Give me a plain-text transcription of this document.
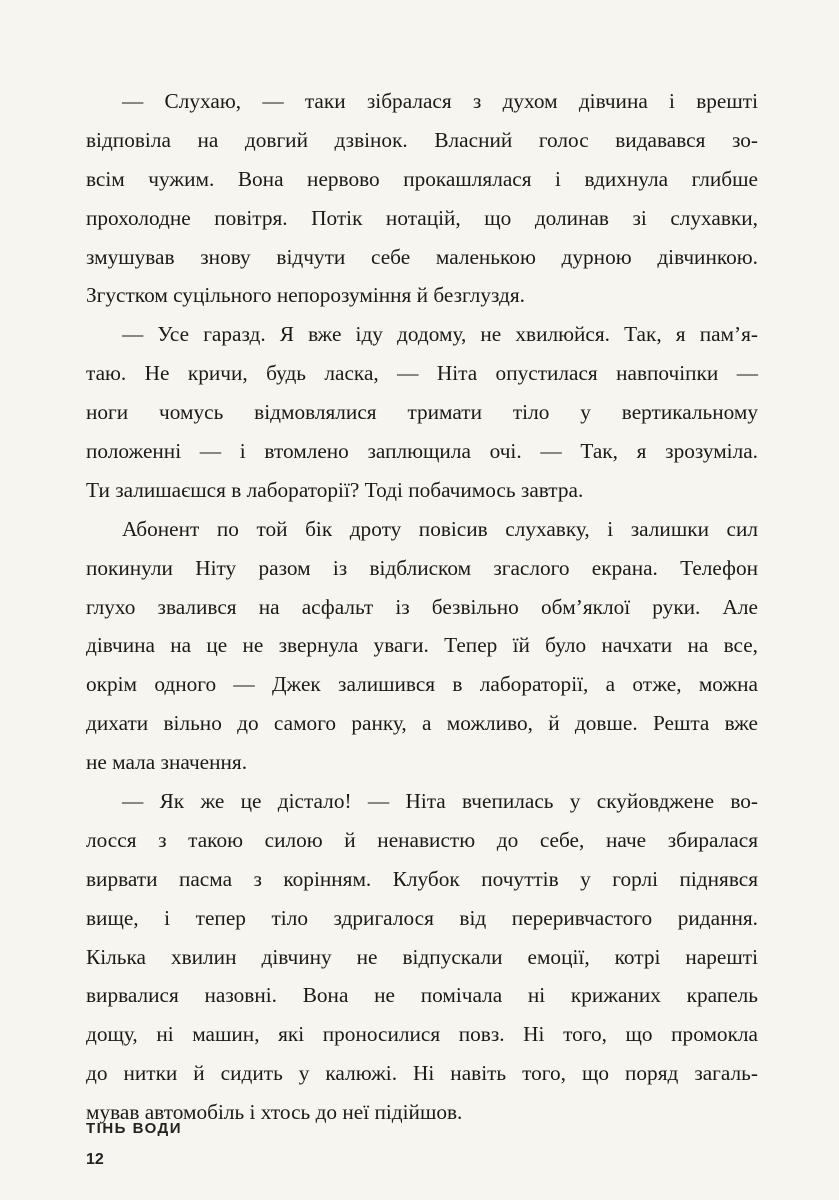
— Слухаю, — таки зібралася з духом дівчина і врешті
відповіла на довгий дзвінок. Власний голос видавався зо-
всім чужим. Вона нервово прокашлялася і вдихнула глибше
прохолодне повітря. Потік нотацій, що долинав зі слухавки,
змушував знову відчути себе маленькою дурною дівчинкою.
Згустком суцільного непорозуміння й безглуздя.
— Усе гаразд. Я вже іду додому, не хвилюйся. Так, я пам’я-
таю. Не кричи, будь ласка, — Ніта опустилася навпочіпки —
ноги чомусь відмовлялися тримати тіло у вертикальному
положенні — і втомлено заплющила очі. — Так, я зрозуміла.
Ти залишаєшся в лабораторії? Тоді побачимось завтра.
Абонент по той бік дроту повісив слухавку, і залишки сил
покинули Ніту разом із відблиском згаслого екрана. Телефон
глухо звалився на асфальт із безвільно обм’яклої руки. Але
дівчина на це не звернула уваги. Тепер їй було начхати на все,
окрім одного — Джек залишився в лабораторії, а отже, можна
дихати вільно до самого ранку, а можливо, й довше. Решта вже
не мала значення.
— Як же це дістало! — Ніта вчепилась у скуйовджене во-
лосся з такою силою й ненавистю до себе, наче збиралася
вирвати пасма з корінням. Клубок почуттів у горлі піднявся
вище, і тепер тіло здригалося від переривчастого ридання.
Кілька хвилин дівчину не відпускали емоції, котрі нарешті
вирвалися назовні. Вона не помічала ні крижаних крапель
дощу, ні машин, які проносилися повз. Ні того, що промокла
до нитки й сидить у калюжі. Ні навіть того, що поряд загаль-
мував автомобіль і хтось до неї підійшов.
ТІНЬ ВОДИ
12
